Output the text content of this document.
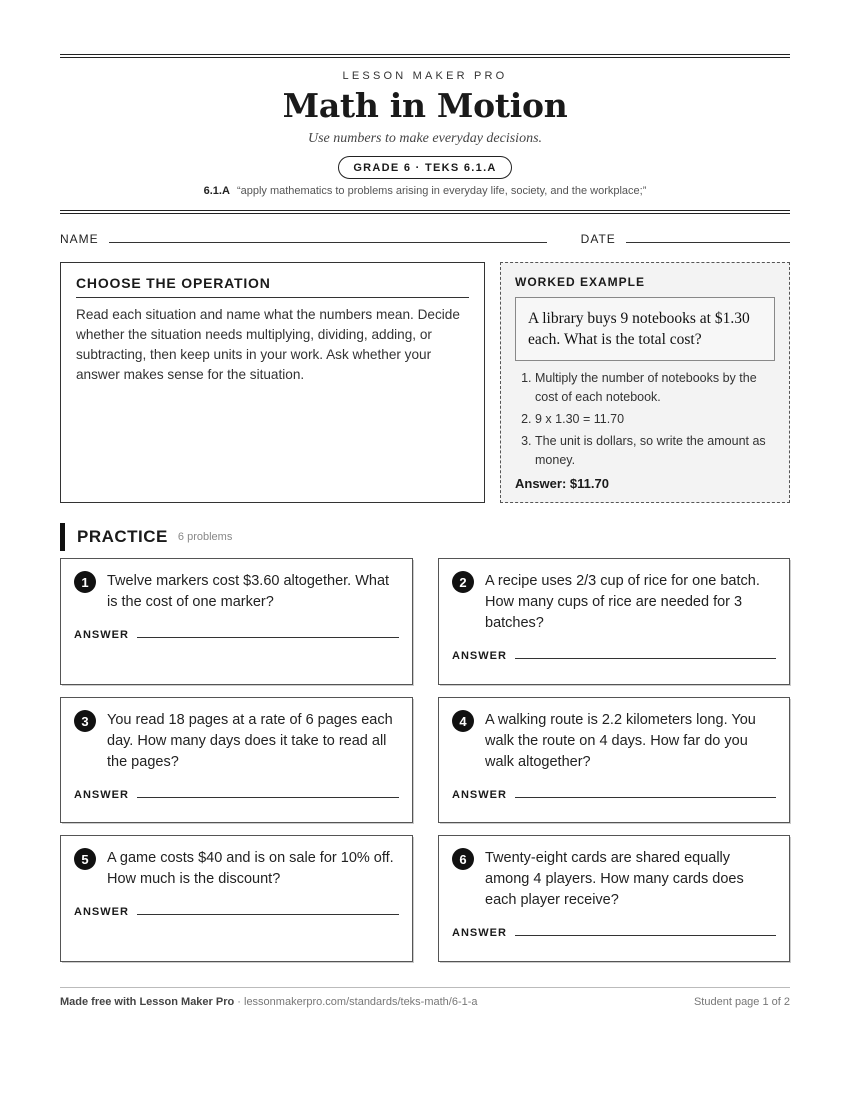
LESSON MAKER PRO
Math in Motion
Use numbers to make everyday decisions.
GRADE 6 · TEKS 6.1.A
6.1.A “apply mathematics to problems arising in everyday life, society, and the workplace;”
NAME	DATE
CHOOSE THE OPERATION
Read each situation and name what the numbers mean. Decide whether the situation needs multiplying, dividing, adding, or subtracting, then keep units in your work. Ask whether your answer makes sense for the situation.
WORKED EXAMPLE
A library buys 9 notebooks at $1.30 each. What is the total cost?
1. Multiply the number of notebooks by the cost of each notebook.
2. 9 x 1.30 = 11.70
3. The unit is dollars, so write the amount as money.
Answer: $11.70
PRACTICE 6 problems
1	Twelve markers cost $3.60 altogether. What is the cost of one marker?
ANSWER
2	A recipe uses 2/3 cup of rice for one batch. How many cups of rice are needed for 3 batches?
ANSWER
3	You read 18 pages at a rate of 6 pages each day. How many days does it take to read all the pages?
ANSWER
4	A walking route is 2.2 kilometers long. You walk the route on 4 days. How far do you walk altogether?
ANSWER
5	A game costs $40 and is on sale for 10% off. How much is the discount?
ANSWER
6	Twenty-eight cards are shared equally among 4 players. How many cards does each player receive?
ANSWER
Made free with Lesson Maker Pro · lessonmakerpro.com/standards/teks-math/6-1-a	Student page 1 of 2
